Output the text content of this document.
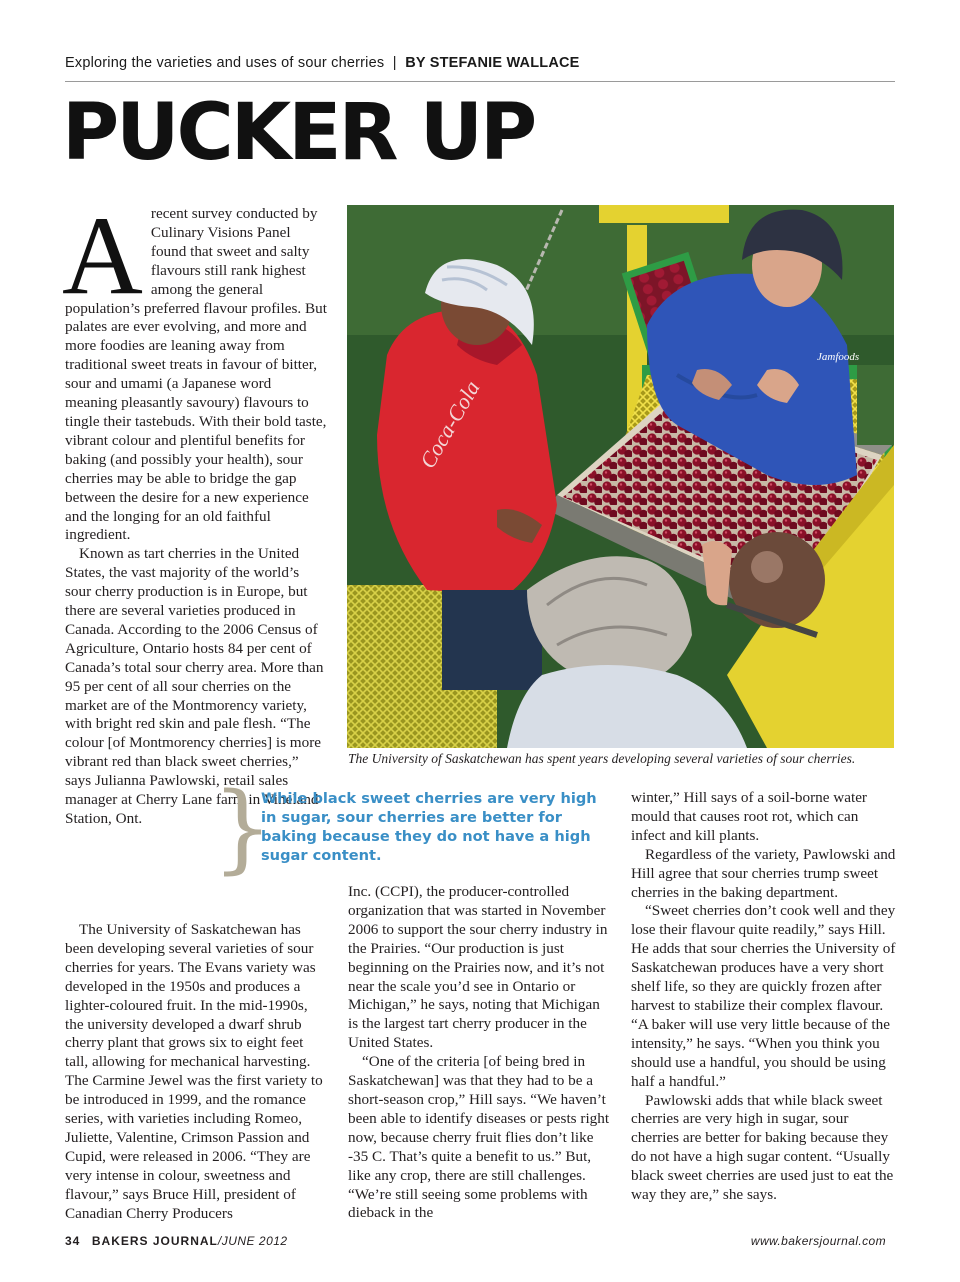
Exploring the varieties and uses of sour cherries | BY STEFANIE WALLACE
PUCKER UP
Jamfoods
Coca-Cola
The University of Saskatchewan has spent years developing several varieties of sour cherries.
A recent survey conducted by Culinary Visions Panel found that sweet and salty flavours still rank highest among the general population’s preferred flavour profiles. But palates are ever evolving, and more and more foodies are leaning away from traditional sweet treats in favour of bitter, sour and umami (a Japanese word meaning pleasantly savoury) flavours to tingle their tastebuds. With their bold taste, vibrant colour and plentiful benefits for baking (and possibly your health), sour cherries may be able to bridge the gap between the desire for a new experience and the longing for an old faithful ingredient.

Known as tart cherries in the United States, the vast majority of the world’s sour cherry production is in Europe, but there are several varieties produced in Canada. According to the 2006 Census of Agriculture, Ontario hosts 84 per cent of Canada’s total sour cherry area. More than 95 per cent of all sour cherries on the market are of the Montmorency variety, with bright red skin and pale flesh. “The colour [of Montmorency cherries] is more vibrant red than black sweet cherries,” says Julianna Pawlowski, retail sales manager at Cherry Lane farm in Vineland Station, Ont. }
While black sweet cherries are very high in sugar, sour cherries are better for baking because they do not have a high sugar content.

The University of Saskatchewan has been developing several varieties of sour cherries for years. The Evans variety was developed in the 1950s and produces a lighter-coloured fruit. In the mid-1990s, the university developed a dwarf shrub cherry plant that grows six to eight feet tall, allowing for mechanical harvesting. The Carmine Jewel was the first variety to be introduced in 1999, and the romance series, with varieties including Romeo, Juliette, Valentine, Crimson Passion and Cupid, were released in 2006. “They are very intense in colour, sweetness and flavour,” says Bruce Hill, president of Canadian Cherry Producers

Inc. (CCPI), the producer-controlled organization that was started in November 2006 to support the sour cherry industry in the Prairies. “Our production is just beginning on the Prairies now, and it’s not near the scale you’d see in Ontario or Michigan,” he says, noting that Michigan is the largest tart cherry producer in the United States.

“One of the criteria [of being bred in Saskatchewan] was that they had to be a short-season crop,” Hill says. “We haven’t been able to identify diseases or pests right now, because cherry fruit flies don’t like -35 C. That’s quite a benefit to us.” But, like any crop, there are still challenges. “We’re still seeing some problems with dieback in the

winter,” Hill says of a soil-borne water mould that causes root rot, which can infect and kill plants.

Regardless of the variety, Pawlowski and Hill agree that sour cherries trump sweet cherries in the baking department.

“Sweet cherries don’t cook well and they lose their flavour quite readily,” says Hill. He adds that sour cherries the University of Saskatchewan produces have a very short shelf life, so they are quickly frozen after harvest to stabilize their complex flavour. “A baker will use very little because of the intensity,” he says. “When you think you should use a handful, you should be using half a handful.”

Pawlowski adds that while black sweet cherries are very high in sugar, sour cherries are better for baking because they do not have a high sugar content. “Usually black sweet cherries are used just to eat the way they are,” she says.

34 BAKERS JOURNAL/JUNE 2012	www.bakersjournal.com
